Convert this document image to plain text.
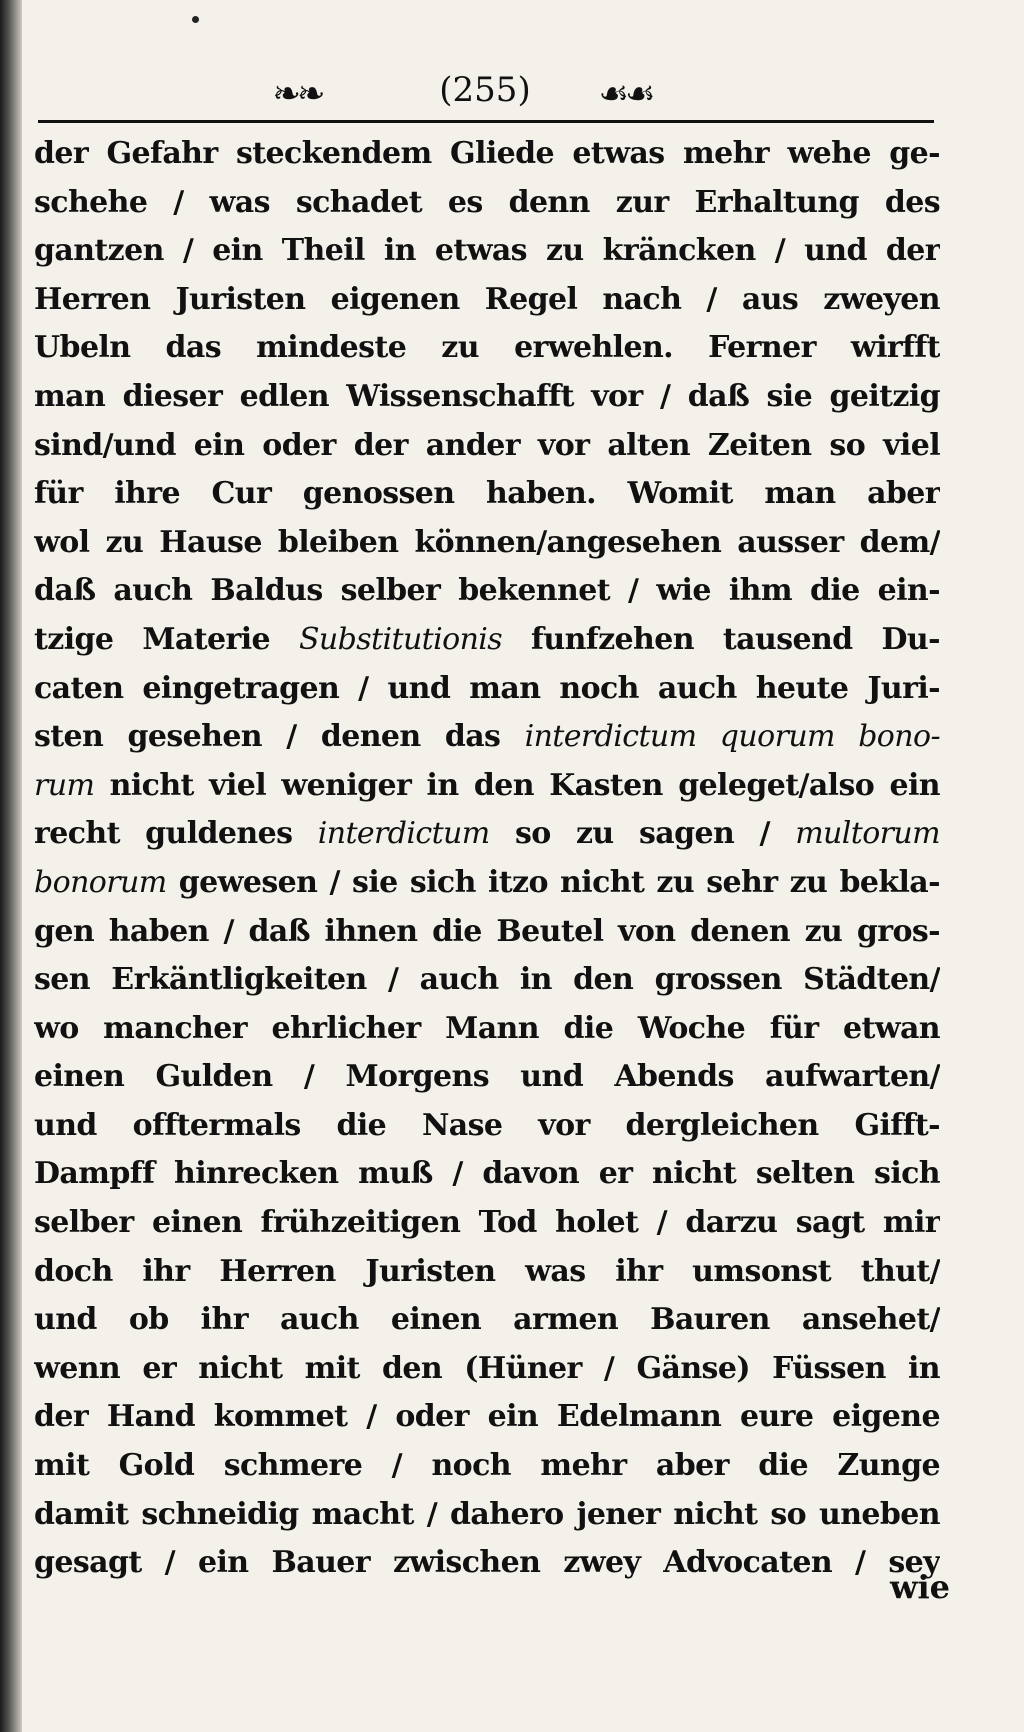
❧❧	(255)	☙☙
der Gefahr steckendem Gliede etwas mehr wehe ge-
schehe / was schadet es denn zur Erhaltung des
gantzen / ein Theil in etwas zu kräncken / und der
Herren Juristen eigenen Regel nach / aus zweyen
Ubeln das mindeste zu erwehlen. Ferner wirfft
man dieser edlen Wissenschafft vor / daß sie geitzig
sind/und ein oder der ander vor alten Zeiten so viel
für ihre Cur genossen haben. Womit man aber
wol zu Hause bleiben können/angesehen ausser dem/
daß auch Baldus selber bekennet / wie ihm die ein-
tzige Materie Substitutionis funfzehen tausend Du-
caten eingetragen / und man noch auch heute Juri-
sten gesehen / denen das interdictum quorum bono-
rum nicht viel weniger in den Kasten geleget/also ein
recht guldenes interdictum so zu sagen / multorum
bonorum gewesen / sie sich itzo nicht zu sehr zu bekla-
gen haben / daß ihnen die Beutel von denen zu gros-
sen Erkäntligkeiten / auch in den grossen Städten/
wo mancher ehrlicher Mann die Woche für etwan
einen Gulden / Morgens und Abends aufwarten/
und offtermals die Nase vor dergleichen Gifft-
Dampff hinrecken muß / davon er nicht selten sich
selber einen frühzeitigen Tod holet / darzu sagt mir
doch ihr Herren Juristen was ihr umsonst thut/
und ob ihr auch einen armen Bauren ansehet/
wenn er nicht mit den (Hüner / Gänse) Füssen in
der Hand kommet / oder ein Edelmann eure eigene
mit Gold schmere / noch mehr aber die Zunge
damit schneidig macht / dahero jener nicht so uneben
gesagt / ein Bauer zwischen zwey Advocaten / sey
wie
